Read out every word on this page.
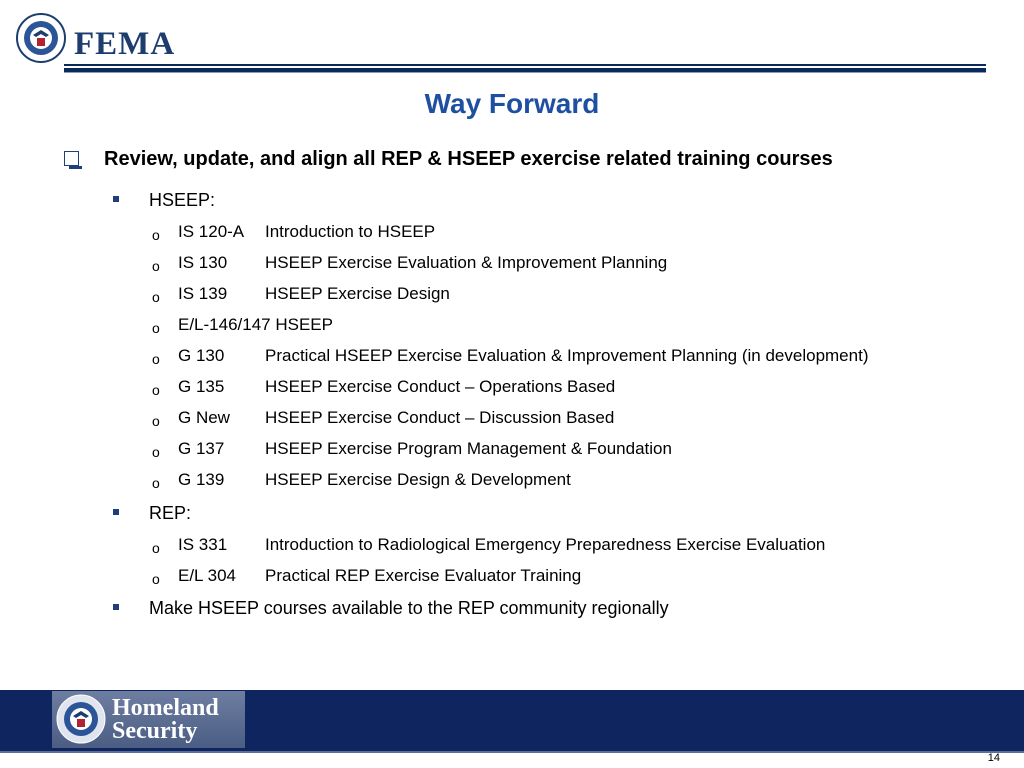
FEMA
Way Forward
Review, update, and align all REP & HSEEP exercise related training courses
HSEEP:
o IS 120-A Introduction to HSEEP
o IS 130 HSEEP Exercise Evaluation & Improvement Planning
o IS 139 HSEEP Exercise Design
o E/L-146/147 HSEEP
o G 130 Practical HSEEP Exercise Evaluation & Improvement Planning (in development)
o G 135 HSEEP Exercise Conduct – Operations Based
o G New HSEEP Exercise Conduct – Discussion Based
o G 137 HSEEP Exercise Program Management & Foundation
o G 139 HSEEP Exercise Design & Development
REP:
o IS 331 Introduction to Radiological Emergency Preparedness Exercise Evaluation
o E/L 304 Practical REP Exercise Evaluator Training
Make HSEEP courses available to the REP community regionally
Homeland
Security
14
